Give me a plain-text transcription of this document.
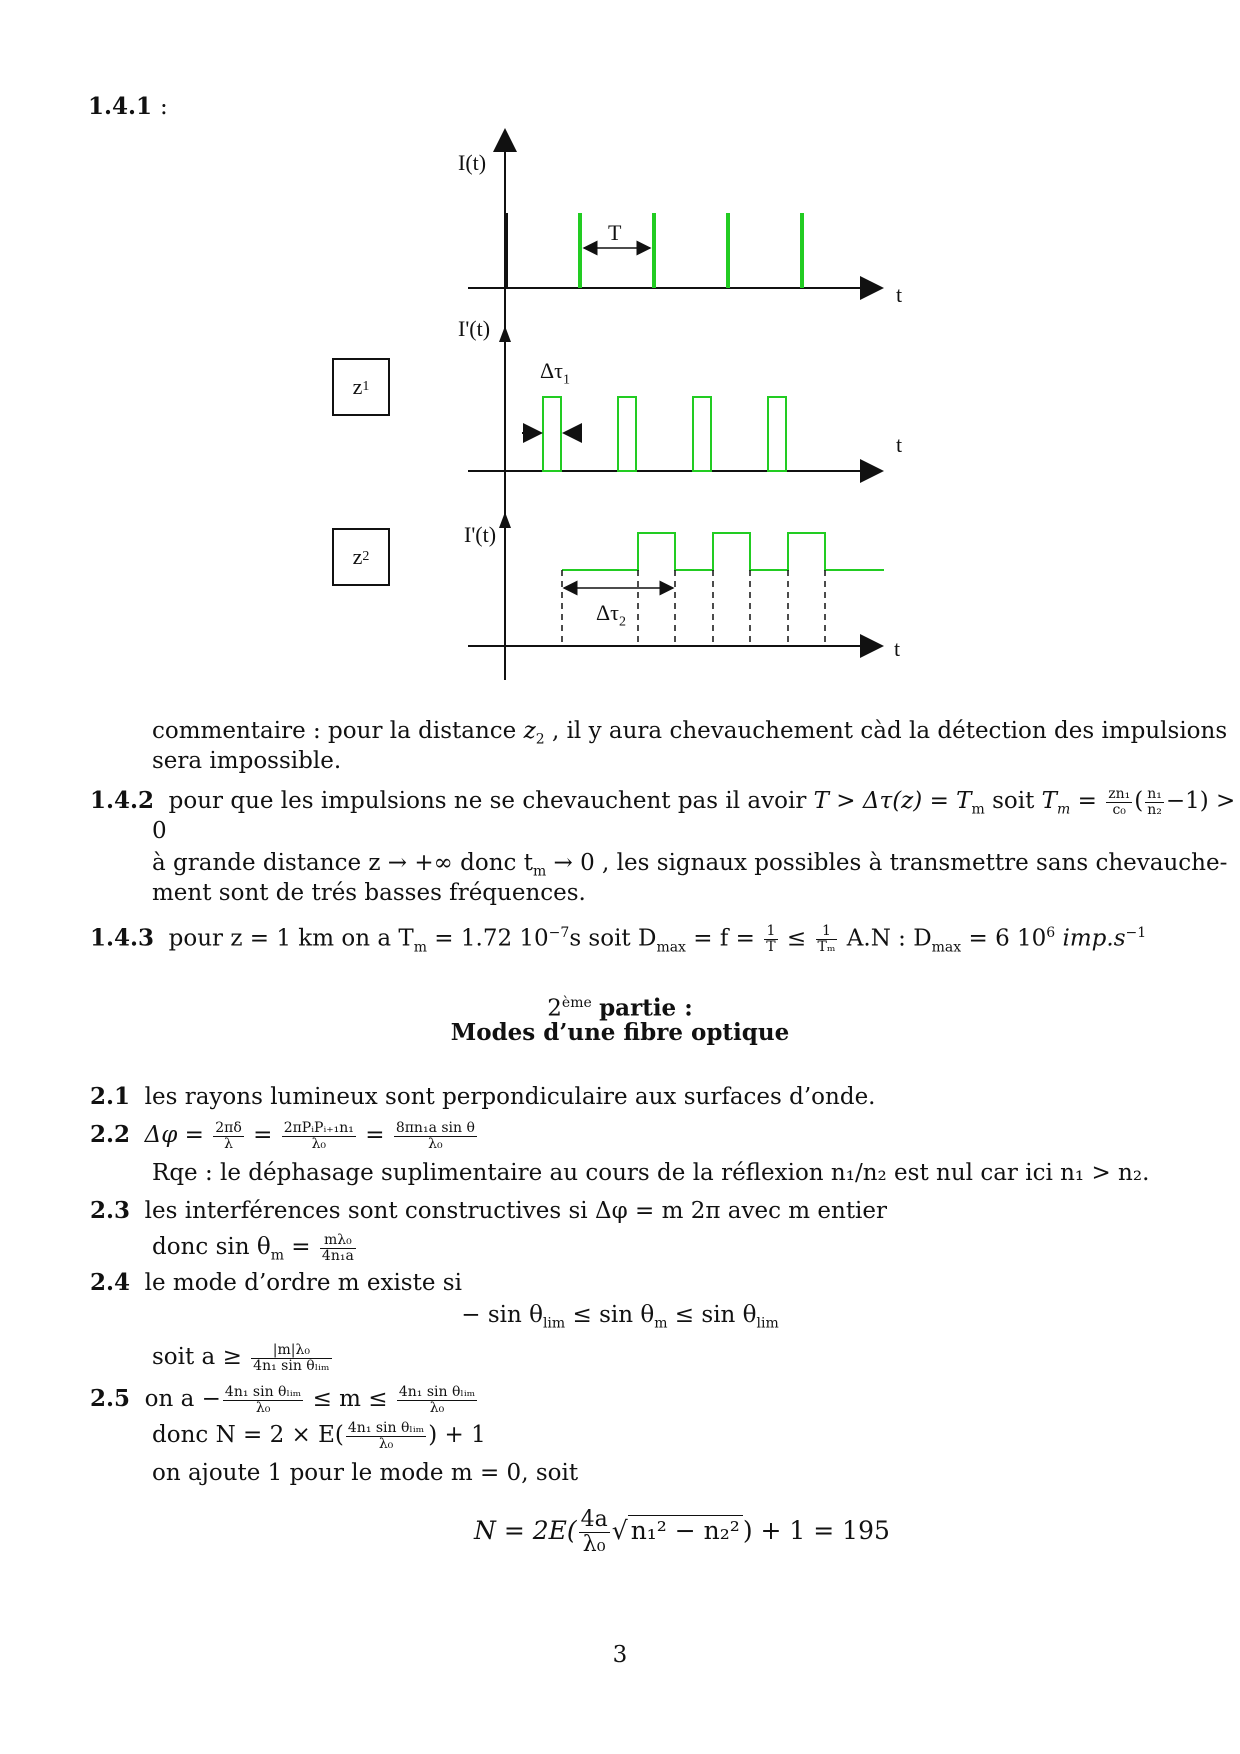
1.4.1 :
I(t)
t
T
I'(t)
t
$\Delta\tau_1$
z 1
I'(t)
t
$\Delta\tau_2$
z 2
commentaire : pour la distance $z_2$ , il y aura chevauchement càd la détection des impulsions
sera impossible.
1.4.2 pour que les impulsions ne se chevauchent pas il avoir $T > \Delta\tau(z) = T_m$ soit $T_m = \frac{\text{zn₁}}{\text{c₀}}$ ( $\frac{\text{n₁}}{\text{n₂}} -1$) >
0
à grande distance z → +∞ donc $t_m \to 0$ , les signaux possibles à transmettre sans chevauche-
ment sont de trés basses fréquences.
1.4.3 pour z = 1 km on a $T_m = 1.72$ $10^{-7}s$ soit $D_{max} = f = \frac{1}{T} \le \frac{1}{\text{Tₘ}} A.N$ : $D_{max} = 6$ $10^6$ $imp.s^{-1}$
2ème partie :
Modes d’une fibre optique
2.1 les rayons lumineux sont perpondiculaire aux surfaces d’onde.
2.2 $\Delta\varphi = \frac{2\pi\delta}{\lambda} = \frac{\text{2πPᵢPᵢ₊₁n₁}}{\text{λ₀}} = \frac{\text{8πn₁a sin θ}}{\text{λ₀}}$
Rqe : le déphasage suplimentaire au cours de la réflexion n₁/n₂ est nul car ici n₁ > n₂.
2.3 les interférences sont constructives si Δφ = m 2π avec m entier
donc $\sin \theta_m = \frac{\text{mλ₀}}{\text{4n₁a}}$
2.4 le mode d’ordre m existe si
− $\sin \theta_{lim} \le \sin \theta_m \le \sin \theta_{lim}$
soit $a \ge \frac{\text{|m|λ₀}}{\text{4n₁ sin θₗᵢₘ}}$
2.5 on $a - \frac{\text{4n₁ sin θₗᵢₘ}}{\text{λ₀}} \le m \le \frac{\text{4n₁ sin θₗᵢₘ}}{\text{λ₀}}$
donc $N = 2 \times E( \frac{\text{4n₁ sin θₗᵢₘ}}{\text{λ₀}}$ ) + 1
on ajoute 1 pour le mode m = 0, soit
$N = 2E( \frac{4a}{\text{λ₀}}$ √ n₁² − n₂² ) + 1 = 195
3
